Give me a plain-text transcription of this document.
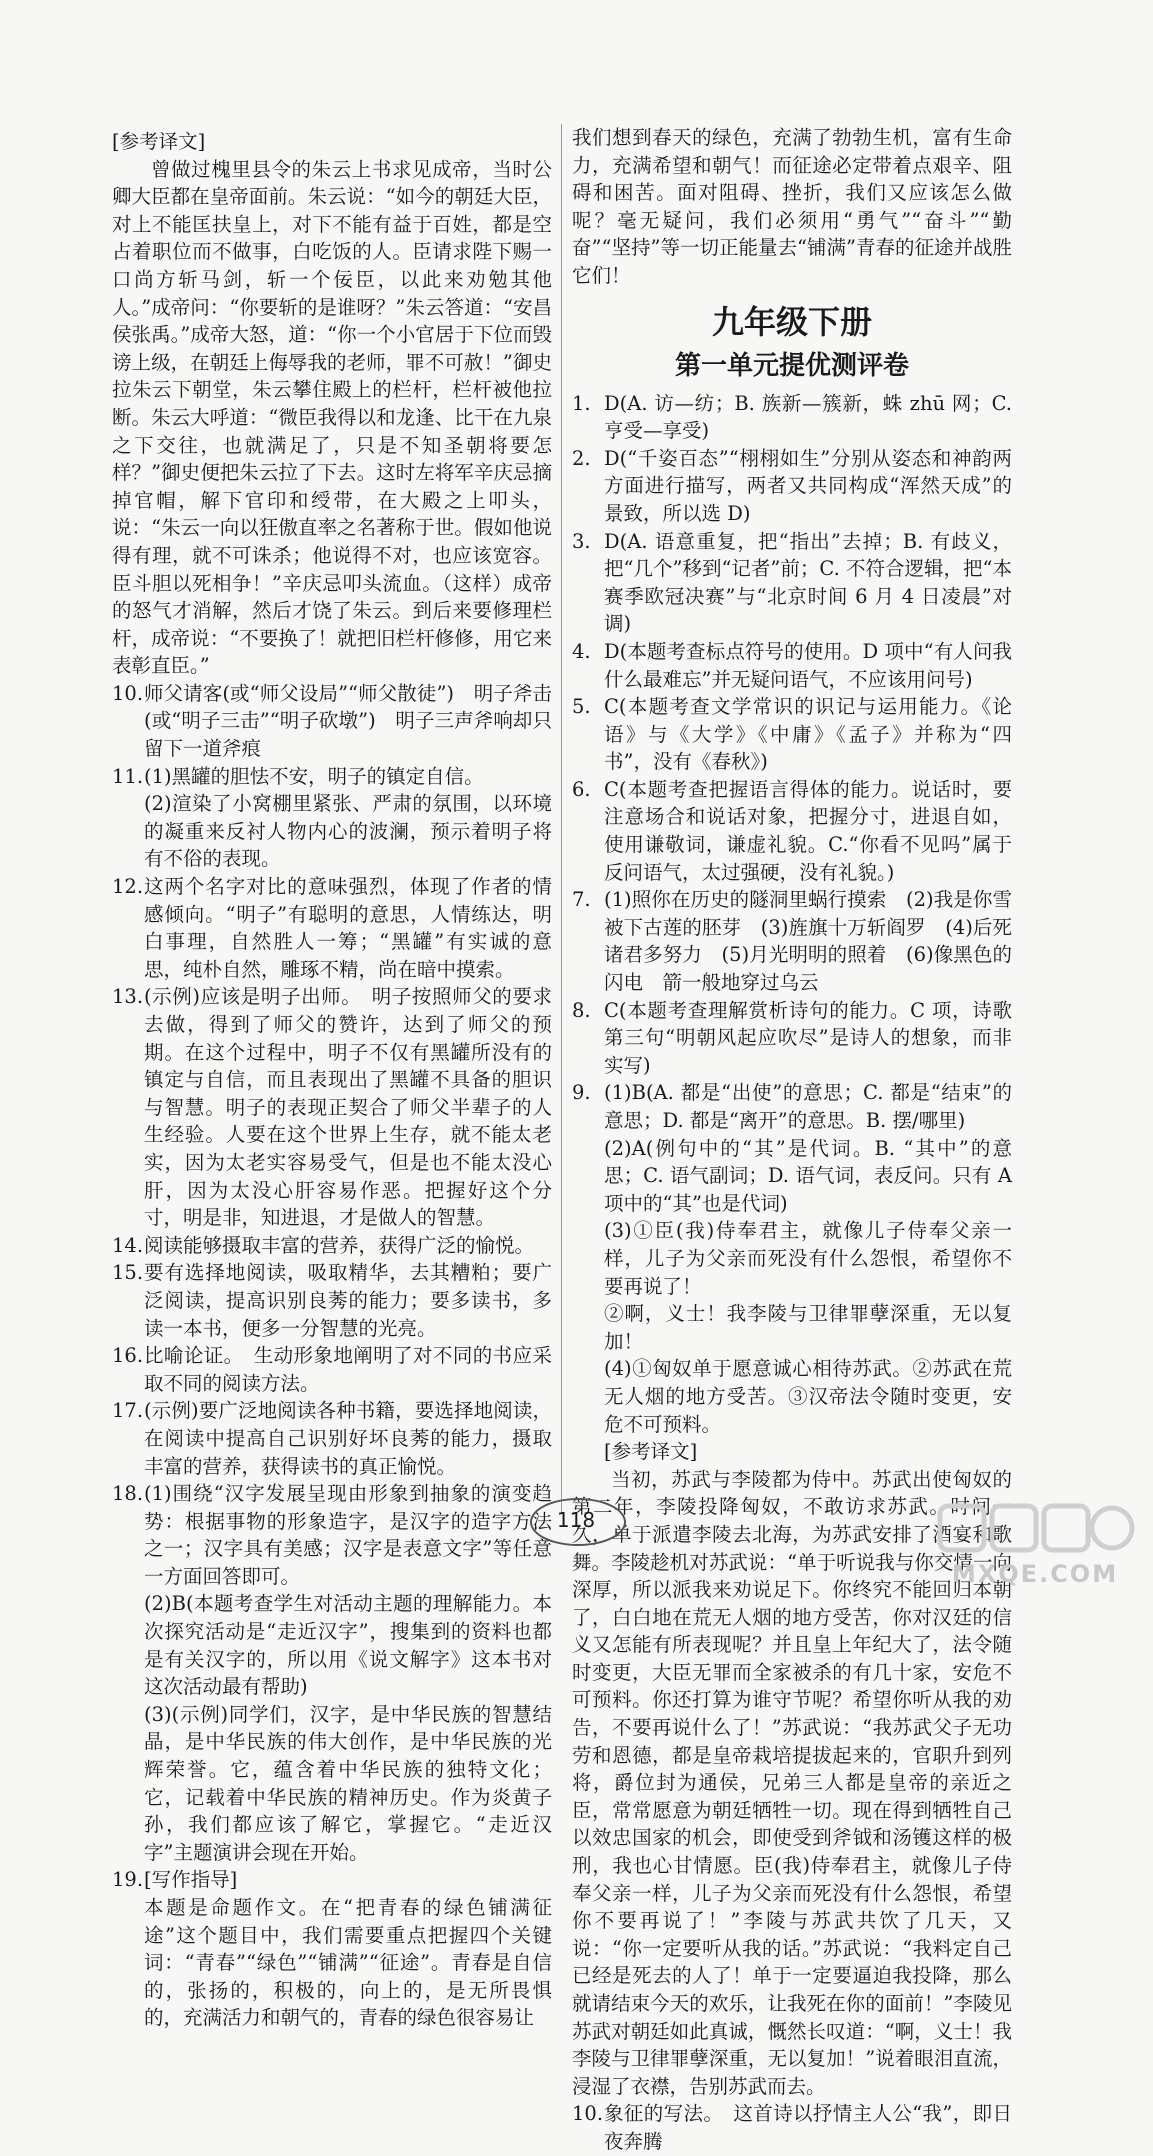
[参考译文]

曾做过槐里县令的朱云上书求见成帝，当时公卿大臣都在皇帝面前。朱云说：“如今的朝廷大臣，对上不能匡扶皇上，对下不能有益于百姓，都是空占着职位而不做事，白吃饭的人。臣请求陛下赐一口尚方斩马剑，斩一个佞臣，以此来劝勉其他人。”成帝问：“你要斩的是谁呀？”朱云答道：“安昌侯张禹。”成帝大怒，道：“你一个小官居于下位而毁谤上级，在朝廷上侮辱我的老师，罪不可赦！”御史拉朱云下朝堂，朱云攀住殿上的栏杆，栏杆被他拉断。朱云大呼道：“微臣我得以和龙逢、比干在九泉之下交往，也就满足了，只是不知圣朝将要怎样？”御史便把朱云拉了下去。这时左将军辛庆忌摘掉官帽，解下官印和绶带，在大殿之上叩头，说：“朱云一向以狂傲直率之名著称于世。假如他说得有理，就不可诛杀；他说得不对，也应该宽容。臣斗胆以死相争！”辛庆忌叩头流血。（这样）成帝的怒气才消解，然后才饶了朱云。到后来要修理栏杆，成帝说：“不要换了！就把旧栏杆修修，用它来表彰直臣。”

10. 师父请客(或“师父设局”“师父散徒”)　明子斧击(或“明子三击”“明子砍墩”)　明子三声斧响却只留下一道斧痕
11. (1)黑罐的胆怯不安，明子的镇定自信。

(2)渲染了小窝棚里紧张、严肃的氛围，以环境的凝重来反衬人物内心的波澜，预示着明子将有不俗的表现。

12. 这两个名字对比的意味强烈，体现了作者的情感倾向。“明子”有聪明的意思，人情练达，明白事理，自然胜人一筹；“黑罐”有实诚的意思，纯朴自然，雕琢不精，尚在暗中摸索。
13. (示例)应该是明子出师。　明子按照师父的要求去做，得到了师父的赞许，达到了师父的预期。在这个过程中，明子不仅有黑罐所没有的镇定与自信，而且表现出了黑罐不具备的胆识与智慧。明子的表现正契合了师父半辈子的人生经验。人要在这个世界上生存，就不能太老实，因为太老实容易受气，但是也不能太没心肝，因为太没心肝容易作恶。把握好这个分寸，明是非，知进退，才是做人的智慧。
14. 阅读能够摄取丰富的营养，获得广泛的愉悦。
15. 要有选择地阅读，吸取精华，去其糟粕；要广泛阅读，提高识别良莠的能力；要多读书，多读一本书，便多一分智慧的光亮。
16. 比喻论证。　生动形象地阐明了对不同的书应采取不同的阅读方法。
17. (示例)要广泛地阅读各种书籍，要选择地阅读，在阅读中提高自己识别好坏良莠的能力，摄取丰富的营养，获得读书的真正愉悦。
18. (1)围绕“汉字发展呈现由形象到抽象的演变趋势：根据事物的形象造字，是汉字的造字方法之一；汉字具有美感；汉字是表意文字”等任意一方面回答即可。

(2)B(本题考查学生对活动主题的理解能力。本次探究活动是“走近汉字”，搜集到的资料也都是有关汉字的，所以用《说文解字》这本书对这次活动最有帮助)

(3)(示例)同学们，汉字，是中华民族的智慧结晶，是中华民族的伟大创作，是中华民族的光辉荣誉。它，蕴含着中华民族的独特文化；它，记载着中华民族的精神历史。作为炎黄子孙，我们都应该了解它，掌握它。“走近汉字”主题演讲会现在开始。

19. [写作指导]

本题是命题作文。在“把青春的绿色铺满征途”这个题目中，我们需要重点把握四个关键词：“青春”“绿色”“铺满”“征途”。青春是自信的，张扬的，积极的，向上的，是无所畏惧的，充满活力和朝气的，青春的绿色很容易让

我们想到春天的绿色，充满了勃勃生机，富有生命力，充满希望和朝气！而征途必定带着点艰辛、阻碍和困苦。面对阻碍、挫折，我们又应该怎么做呢？毫无疑问，我们必须用“勇气”“奋斗”“勤奋”“坚持”等一切正能量去“铺满”青春的征途并战胜它们！

九年级下册
第一单元提优测评卷
1. D(A. 访—纺；B. 族新—簇新，蛛 zhū 网；C. 亨受—享受)
2. D(“千姿百态”“栩栩如生”分别从姿态和神韵两方面进行描写，两者又共同构成“浑然天成”的景致，所以选 D)
3. D(A. 语意重复，把“指出”去掉；B. 有歧义，把“几个”移到“记者”前；C. 不符合逻辑，把“本赛季欧冠决赛”与“北京时间 6 月 4 日凌晨”对调)
4. D(本题考查标点符号的使用。D 项中“有人问我什么最难忘”并无疑问语气，不应该用问号)
5. C(本题考查文学常识的识记与运用能力。《论语》与《大学》《中庸》《孟子》并称为“四书”，没有《春秋》)
6. C(本题考查把握语言得体的能力。说话时，要注意场合和说话对象，把握分寸，进退自如，使用谦敬词，谦虚礼貌。C.“你看不见吗”属于反问语气，太过强硬，没有礼貌。)
7. (1)照你在历史的隧洞里蜗行摸索　(2)我是你雪被下古莲的胚芽　(3)旌旗十万斩阎罗　(4)后死诸君多努力　(5)月光明明的照着　(6)像黑色的闪电　箭一般地穿过乌云
8. C(本题考查理解赏析诗句的能力。C 项，诗歌第三句“明朝风起应吹尽”是诗人的想象，而非实写)
9. (1)B(A. 都是“出使”的意思；C. 都是“结束”的意思；D. 都是“离开”的意思。B. 摆/哪里)

(2)A(例句中的“其”是代词。B. “其中”的意思；C. 语气副词；D. 语气词，表反问。只有 A 项中的“其”也是代词)

(3)①臣(我)侍奉君主，就像儿子侍奉父亲一样，儿子为父亲而死没有什么怨恨，希望你不要再说了！

②啊，义士！我李陵与卫律罪孽深重，无以复加！

(4)①匈奴单于愿意诚心相待苏武。②苏武在荒无人烟的地方受苦。③汉帝法令随时变更，安危不可预料。

[参考译文]

当初，苏武与李陵都为侍中。苏武出使匈奴的第二年，李陵投降匈奴，不敢访求苏武。时间一久，单于派遣李陵去北海，为苏武安排了酒宴和歌舞。李陵趁机对苏武说：“单于听说我与你交情一向深厚，所以派我来劝说足下。你终究不能回归本朝了，白白地在荒无人烟的地方受苦，你对汉廷的信义又怎能有所表现呢？并且皇上年纪大了，法令随时变更，大臣无罪而全家被杀的有几十家，安危不可预料。你还打算为谁守节呢？希望你听从我的劝告，不要再说什么了！”苏武说：“我苏武父子无功劳和恩德，都是皇帝栽培提拔起来的，官职升到列将，爵位封为通侯，兄弟三人都是皇帝的亲近之臣，常常愿意为朝廷牺牲一切。现在得到牺牲自己以效忠国家的机会，即使受到斧钺和汤镬这样的极刑，我也心甘情愿。臣(我)侍奉君主，就像儿子侍奉父亲一样，儿子为父亲而死没有什么怨恨，希望你不要再说了！”李陵与苏武共饮了几天，又说：“你一定要听从我的话。”苏武说：“我料定自己已经是死去的人了！单于一定要逼迫我投降，那么就请结束今天的欢乐，让我死在你的面前！”李陵见苏武对朝廷如此真诚，慨然长叹道：“啊，义士！我李陵与卫律罪孽深重，无以复加！”说着眼泪直流，浸湿了衣襟，告别苏武而去。

10. 象征的写法。　这首诗以抒情主人公“我”，即日夜奔腾
118
MXQE.COM
